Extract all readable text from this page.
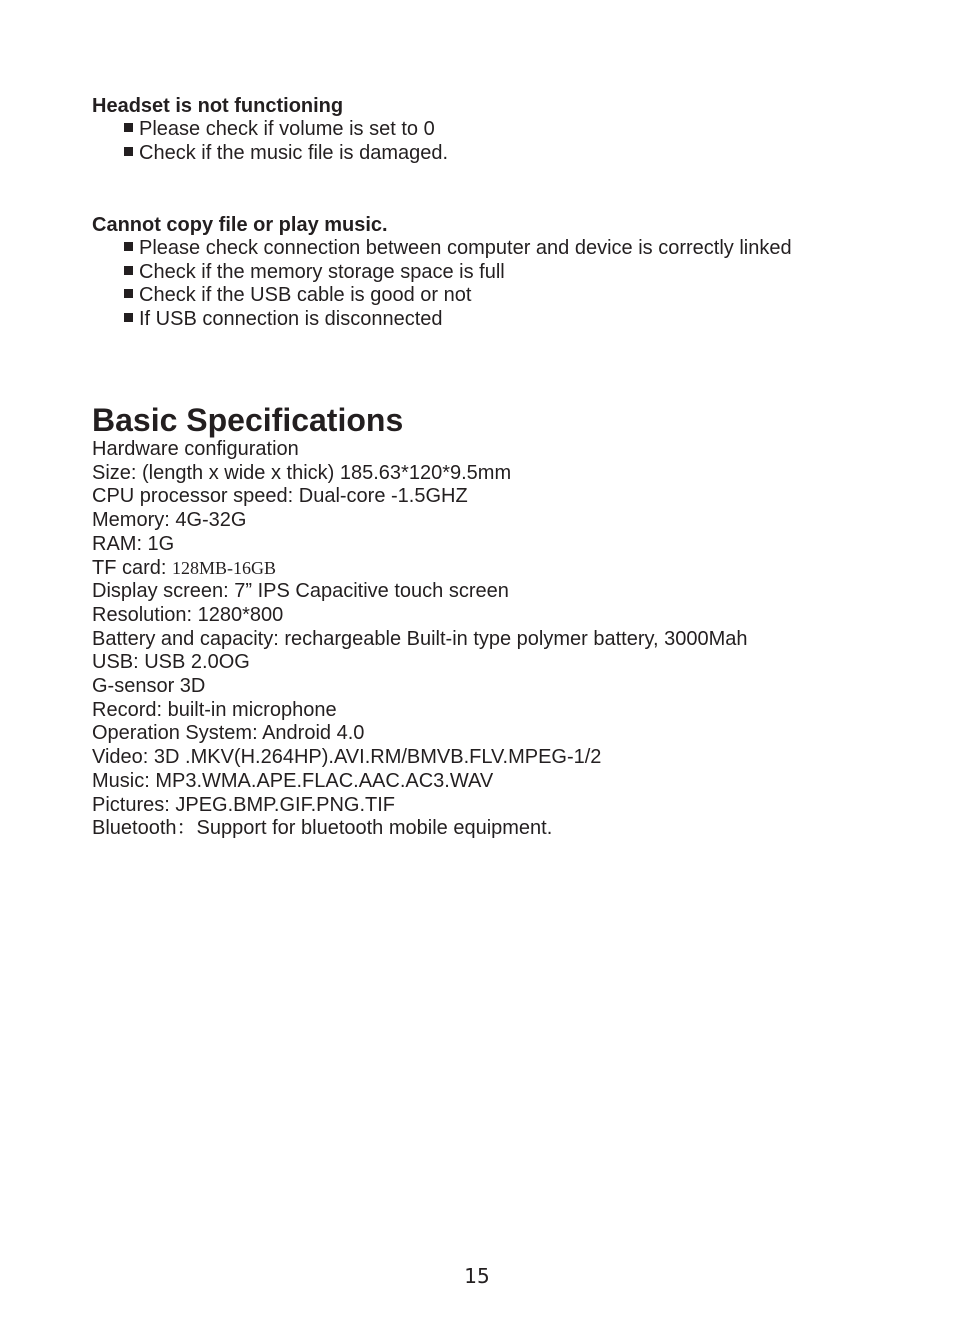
Headset is not functioning
Please check if volume is set to 0
Check if the music file is damaged.
Cannot copy file or play music.
Please check connection between computer and device is correctly linked
Check if the memory storage space is full
Check if the USB cable is good or not
If USB connection is disconnected
Basic Specifications
Hardware configuration
Size: (length x wide x thick) 185.63*120*9.5mm
CPU processor speed: Dual-core -1.5GHZ
Memory: 4G-32G
RAM: 1G
TF card: 128MB-16GB
Display screen: 7” IPS Capacitive touch screen
Resolution: 1280*800
Battery and capacity: rechargeable Built-in type polymer battery, 3000Mah
USB: USB 2.0OG
G-sensor 3D
Record: built-in microphone
Operation System: Android 4.0
Video: 3D .MKV(H.264HP).AVI.RM/BMVB.FLV.MPEG-1/2
Music: MP3.WMA.APE.FLAC.AAC.AC3.WAV
Pictures: JPEG.BMP.GIF.PNG.TIF
Bluetooth：Support for bluetooth mobile equipment.
15
